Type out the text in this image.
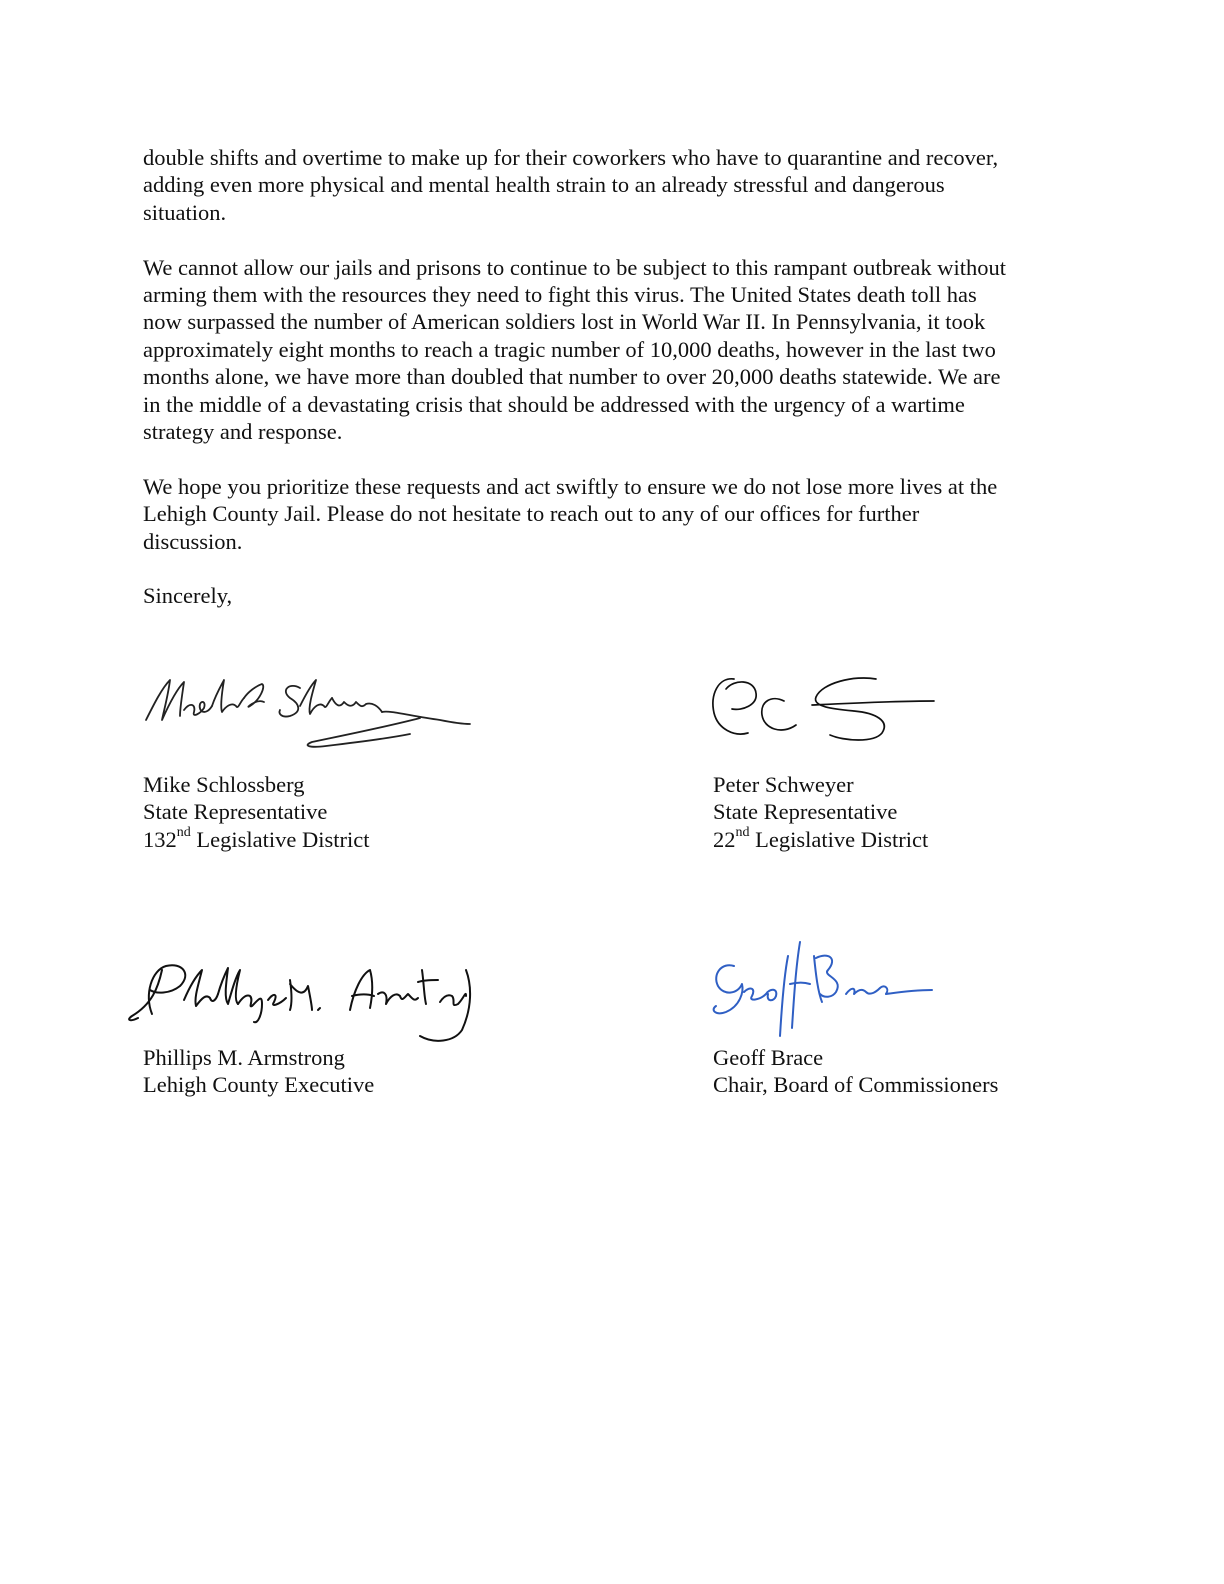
double shifts and overtime to make up for their coworkers who have to quarantine and recover,
adding even more physical and mental health strain to an already stressful and dangerous
situation.

We cannot allow our jails and prisons to continue to be subject to this rampant outbreak without
arming them with the resources they need to fight this virus. The United States death toll has
now surpassed the number of American soldiers lost in World War II. In Pennsylvania, it took
approximately eight months to reach a tragic number of 10,000 deaths, however in the last two
months alone, we have more than doubled that number to over 20,000 deaths statewide. We are
in the middle of a devastating crisis that should be addressed with the urgency of a wartime
strategy and response.

We hope you prioritize these requests and act swiftly to ensure we do not lose more lives at the
Lehigh County Jail. Please do not hesitate to reach out to any of our offices for further
discussion.

Sincerely,

Mike Schlossberg
State Representative
132nd Legislative District
Peter Schweyer
State Representative
22nd Legislative District
Phillips M. Armstrong
Lehigh County Executive
Geoff Brace
Chair, Board of Commissioners
